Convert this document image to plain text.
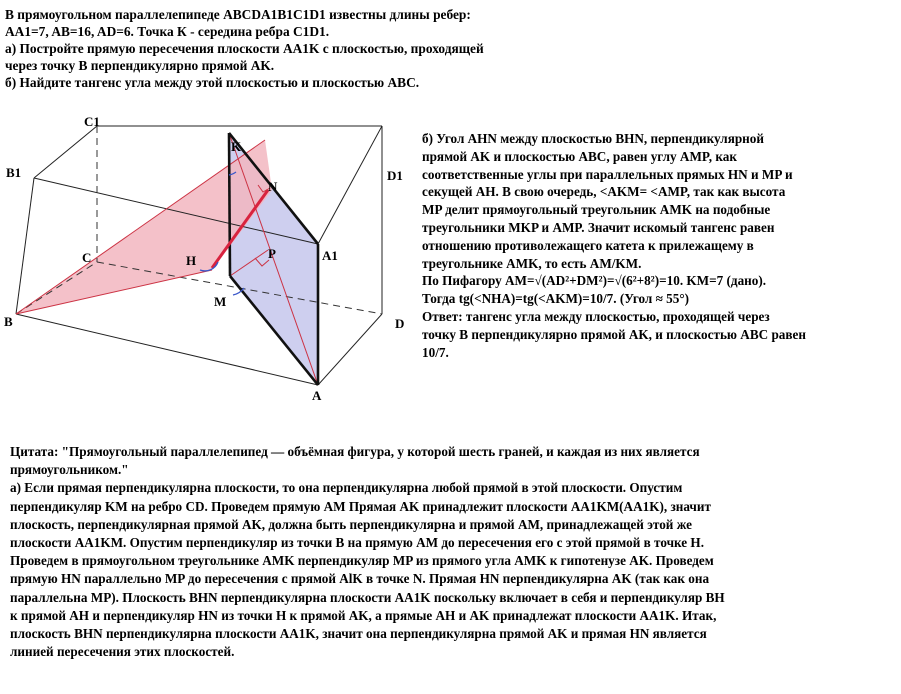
В прямоугольном параллелепипеде ABCDA1B1C1D1 известны длины ребер:
AA1=7, AB=16, AD=6. Точка К - середина ребра C1D1.
а) Постройте прямую пересечения плоскости AA1K с плоскостью, проходящей
через точку B перпендикулярно прямой AK.
б) Найдите тангенс угла между этой плоскостью и плоскостью ABC.
б) Угол AHN между плоскостью BHN, перпендикулярной
прямой AK и плоскостью ABC, равен углу AMP, как
соответственные углы при параллельных прямых HN и MP и
секущей AH. В свою очередь, <AKM= <AMP, так как высота
MP делит прямоугольный треугольник AMK на подобные
треугольники MKP и AMP. Значит искомый тангенс равен
отношению противолежащего катета к прилежащему в
треугольнике AMK, то есть AM/KM.
По Пифагору AM=√(AD²+DM²)=√(6²+8²)=10. KM=7 (дано).
Тогда tg(<NHA)=tg(<AKM)=10/7. (Угол ≈ 55°)
Ответ: тангенс угла между плоскостью, проходящей через
точку B перпендикулярно прямой AK, и плоскостью ABC равен
10/7.
Цитата: "Прямоугольный параллелепипед — объёмная фигура, у которой шесть граней, и каждая из них является
прямоугольником."
а) Если прямая перпендикулярна плоскости, то она перпендикулярна любой прямой в этой плоскости. Опустим
перпендикуляр KM на ребро CD. Проведем прямую AM Прямая AK принадлежит плоскости AA1KM(AA1K), значит
плоскость, перпендикулярная прямой AK, должна быть перпендикулярна и прямой AM, принадлежащей этой же
плоскости AA1KM. Опустим перпендикуляр из точки B на прямую AM до пересечения его с этой прямой в точке H.
Проведем в прямоугольном треугольнике AMK перпендикуляр MP из прямого угла AMK к гипотенузе AK. Проведем
прямую HN параллельно MP до пересечения с прямой AlK в точке N. Прямая HN перпендикулярна AK (так как она
параллельна MP). Плоскость BHN перпендикулярна плоскости AA1K поскольку включает в себя и перпендикуляр BH
к прямой AH и перпендикуляр HN из точки H к прямой AK, а прямые AH и AK принадлежат плоскости AA1K. Итак,
плоскость BHN перпендикулярна плоскости AA1K, значит она перпендикулярна прямой AK и прямая HN является
линией пересечения этих плоскостей.
C1
B1	D1
K
N
C	H	P	A1
M
B	D
A
